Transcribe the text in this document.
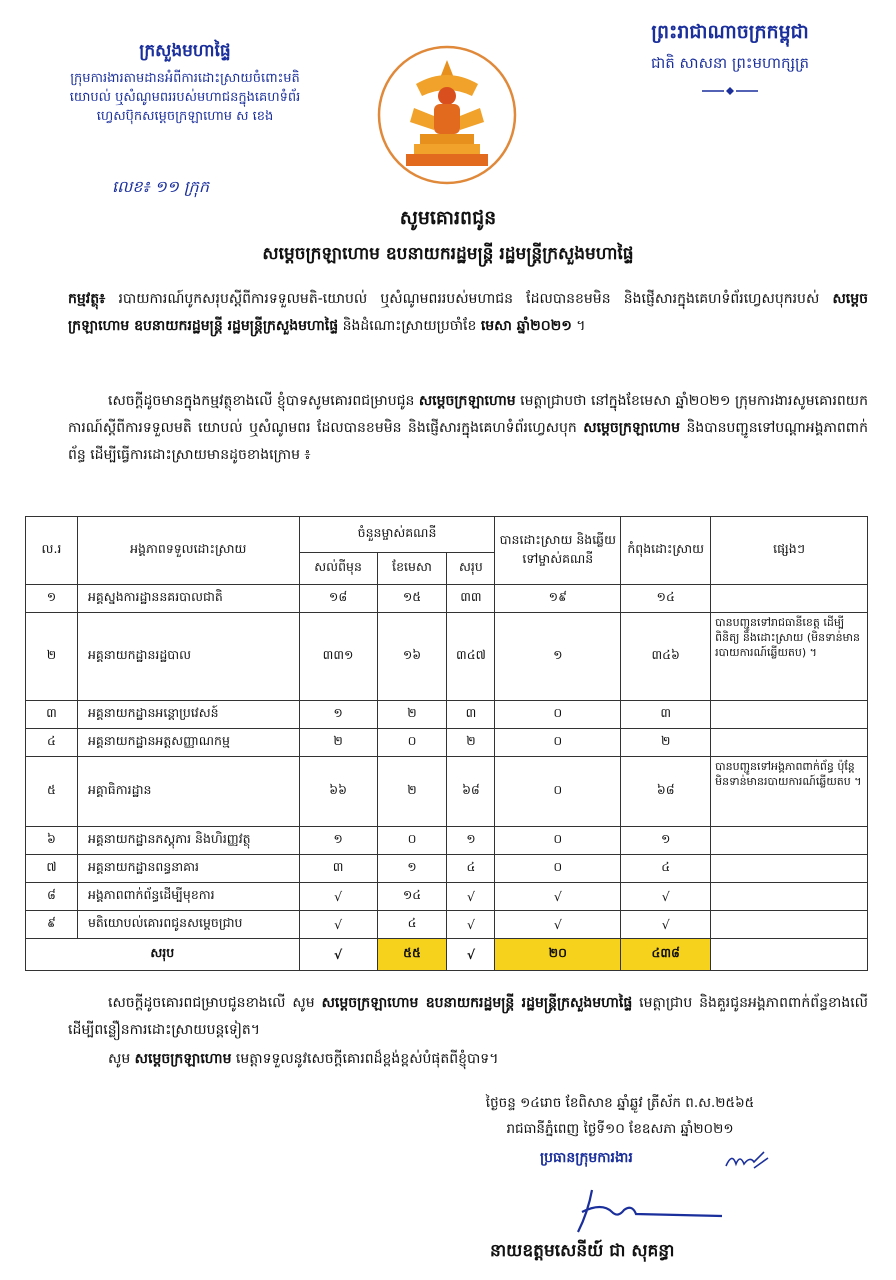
ក្រសួងមហាផ្ទៃ
ក្រុមការងារតាមដានអំពីការដោះស្រាយចំពោះមតិ
យោបល់ ឬសំណូមពររបស់មហាជនក្នុងគេហទំព័រ
ហ្វេសប៊ុកសម្តេចក្រឡាហោម ស ខេង
លេខ៖ ១១ ក្រុក
ព្រះរាជាណាចក្រកម្ពុជា
ជាតិ សាសនា ព្រះមហាក្សត្រ
សូមគោរពជូន
សម្តេចក្រឡាហោម ឧបនាយករដ្ឋមន្ត្រី រដ្ឋមន្ត្រីក្រសួងមហាផ្ទៃ
កម្មវត្ថុ៖ របាយការណ៍បូកសរុបស្តីពីការទទួលមតិ-យោបល់ ឬសំណូមពររបស់មហាជន ដែលបានខមមិន និងផ្ញើសារក្នុងគេហទំព័រហ្វេសបុករបស់ សម្តេចក្រឡាហោម ឧបនាយករដ្ឋមន្ត្រី រដ្ឋមន្ត្រីក្រសួងមហាផ្ទៃ និងដំណោះស្រាយប្រចាំខែ មេសា ឆ្នាំ២០២១ ។
សេចក្តីដូចមានក្នុងកម្មវត្ថុខាងលើ ខ្ញុំបាទសូមគោរពជម្រាបជូន សម្តេចក្រឡាហោម មេត្តាជ្រាបថា នៅក្នុងខែមេសា ឆ្នាំ២០២១ ក្រុមការងារសូមគោរពយកការណ៍ស្តីពីការទទួលមតិ យោបល់ ឬសំណូមពរ ដែលបានខមមិន និងផ្ញើសារក្នុងគេហទំព័រហ្វេសបុក សម្តេចក្រឡាហោម និងបានបញ្ជូនទៅបណ្តាអង្គភាពពាក់ព័ន្ធ ដើម្បីធ្វើការដោះស្រាយមានដូចខាងក្រោម ៖
ល.រ	អង្គភាពទទួលដោះស្រាយ	ចំនួនម្ចាស់គណនី			បានដោះស្រាយ និងឆ្លើយទៅម្ចាស់គណនី	កំពុងដោះស្រាយ	ផ្សេងៗ
		សល់ពីមុន	ខែមេសា	សរុប			
១	អគ្គស្នងការដ្ឋាននគរបាលជាតិ	១៨	១៥	៣៣	១៩	១៤	
២	អគ្គនាយកដ្ឋានរដ្ឋបាល	៣៣១	១៦	៣៤៧	១	៣៤៦	បានបញ្ជូនទៅរាជធានីខេត្ត ដើម្បីពិនិត្យ និងដោះស្រាយ (មិនទាន់មានរបាយការណ៍ឆ្លើយតប) ។
៣	អគ្គនាយកដ្ឋានអន្តោប្រវេសន៍	១	២	៣	០	៣	
៤	អគ្គនាយកដ្ឋានអត្តសញ្ញាណកម្ម	២	០	២	០	២	
៥	អគ្គាធិការដ្ឋាន	៦៦	២	៦៨	០	៦៨	បានបញ្ជូនទៅអង្គភាពពាក់ព័ន្ធ ប៉ុន្តែមិនទាន់មានរបាយការណ៍ឆ្លើយតប ។
៦	អគ្គនាយកដ្ឋានភស្តុភារ និងហិរញ្ញវត្ថុ	១	០	១	០	១	
៧	អគ្គនាយកដ្ឋានពន្ធនាគារ	៣	១	៤	០	៤	
៨	អង្គភាពពាក់ព័ន្ធដើម្បីមុខការ	√	១៤	√	√	√	
៩	មតិយោបល់គោរពជូនសម្តេចជ្រាប	√	៤	√	√	√	
សរុប		√	៥៥	√	២០	៤៣៨	
សេចក្តីដូចគោរពជម្រាបជូនខាងលើ សូម សម្តេចក្រឡាហោម ឧបនាយករដ្ឋមន្ត្រី រដ្ឋមន្ត្រីក្រសួងមហាផ្ទៃ មេត្តាជ្រាប និងគួរជូនអង្គភាពពាក់ព័ន្ធខាងលើ ដើម្បីពន្លឿនការដោះស្រាយបន្តទៀត។
សូម សម្តេចក្រឡាហោម មេត្តាទទួលនូវសេចក្តីគោរពដ៏ខ្ពង់ខ្ពស់បំផុតពីខ្ញុំបាទ។
ថ្ងៃចន្ទ ១៤រោច ខែពិសាខ ឆ្នាំឆ្លូវ ត្រីស័ក ព.ស.២៥៦៥
រាជធានីភ្នំពេញ ថ្ងៃទី១០ ខែឧសភា ឆ្នាំ២០២១
ប្រធានក្រុមការងារ
នាយឧត្តមសេនីយ៍ ជា សុគន្ធា
